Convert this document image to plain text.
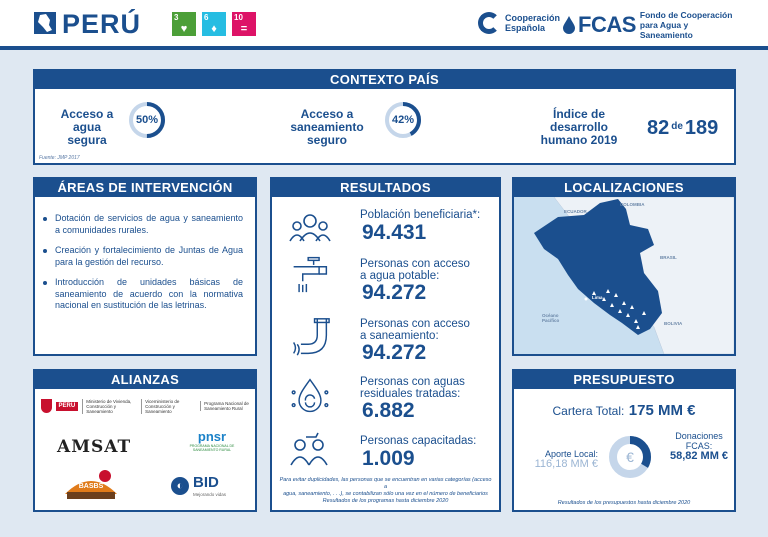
PERÚ	3
♥
6
♦
10
=
Cooperación
Española	FCAS Fondo de Cooperación
para Agua y Saneamiento
CONTEXTO PAÍS
Acceso a
agua
segura
50%	Acceso a
saneamiento
seguro
42%	Índice de
desarrollo
humano 2019
82 $^{de}$ 189
Fuente: JMP 2017
ÁREAS DE INTERVENCIÓN
Dotación de servicios de agua y saneamiento a comunidades rurales.
Creación y fortalecimiento de Juntas de Agua para la gestión del recurso.
Introducción de unidades básicas de saneamiento de acuerdo con la normativa nacional en sustitución de las letrinas.
ALIANZAS
PERÚ
Ministerio de Vivienda, Construcción y Saneamiento
Viceministerio de Construcción y Saneamiento
Programa Nacional de Saneamiento Rural
AMSAT
pnsr
PROGRAMA NACIONAL DE SANEAMIENTO RURAL
BASBS	◐ BID
Mejorando vidas
RESULTADOS
Población beneficiaria*:
94.431
Personas con acceso
a agua potable:
94.272
Personas con acceso
a saneamiento:
94.272
Personas con aguas
residuales tratadas:
6.882
Personas capacitadas:
1.009
Para evitar duplicidades, las personas que se encuentran en varias categorías (acceso a
agua, saneamiento, . . .), se contabilizan sólo una vez en el número de beneficiarios
Resultados de los programas hasta diciembre 2020
LOCALIZACIONES
ECUADOR
COLOMBIA
BRASIL
Lima
Océano
Pacífico
BOLIVIA
PRESUPUESTO
Cartera Total: 175 MM €
Aporte Local:
116,18 MM € €
Donaciones
FCAS:
58,82 MM €
Resultados de los presupuestos hasta diciembre 2020
